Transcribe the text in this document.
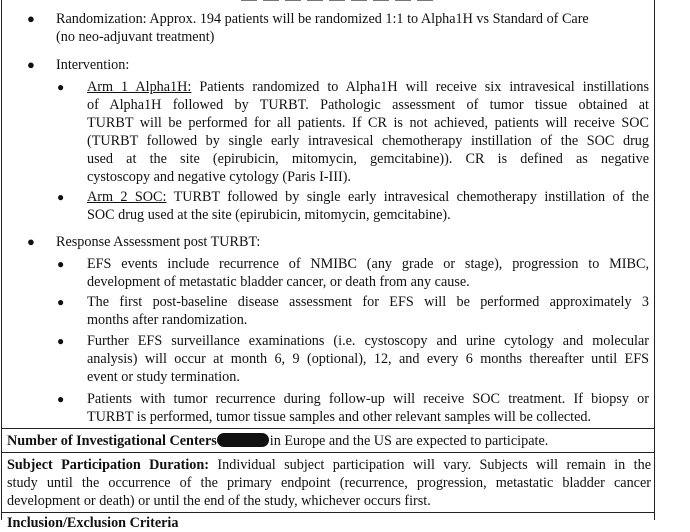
● Randomization: Approx. 194 patients will be randomized 1:1 to Alpha1H vs Standard of Care
(no neo-adjuvant treatment)
● Intervention:
● Arm 1 Alpha1H: Patients randomized to Alpha1H will receive six intravesical instillations
of Alpha1H followed by TURBT. Pathologic assessment of tumor tissue obtained at
TURBT will be performed for all patients. If CR is not achieved, patients will receive SOC
(TURBT followed by single early intravesical chemotherapy instillation of the SOC drug
used at the site (epirubicin, mitomycin, gemcitabine)). CR is defined as negative
cystoscopy and negative cytology (Paris I-III).
● Arm 2 SOC: TURBT followed by single early intravesical chemotherapy instillation of the
SOC drug used at the site (epirubicin, mitomycin, gemcitabine).
● Response Assessment post TURBT:
● EFS events include recurrence of NMIBC (any grade or stage), progression to MIBC,
development of metastatic bladder cancer, or death from any cause.
● The first post-baseline disease assessment for EFS will be performed approximately 3
months after randomization.
● Further EFS surveillance examinations (i.e. cystoscopy and urine cytology and molecular
analysis) will occur at month 6, 9 (optional), 12, and every 6 months thereafter until EFS
event or study termination.
● Patients with tumor recurrence during follow-up will receive SOC treatment. If biopsy or
TURBT is performed, tumor tissue samples and other relevant samples will be collected.
Number of Investigational Centers	in Europe and the US are expected to participate.
Subject Participation Duration: Individual subject participation will vary. Subjects will remain in the
study until the occurrence of the primary endpoint (recurrence, progression, metastatic bladder cancer
development or death) or until the end of the study, whichever occurs first.
Inclusion/Exclusion Criteria
